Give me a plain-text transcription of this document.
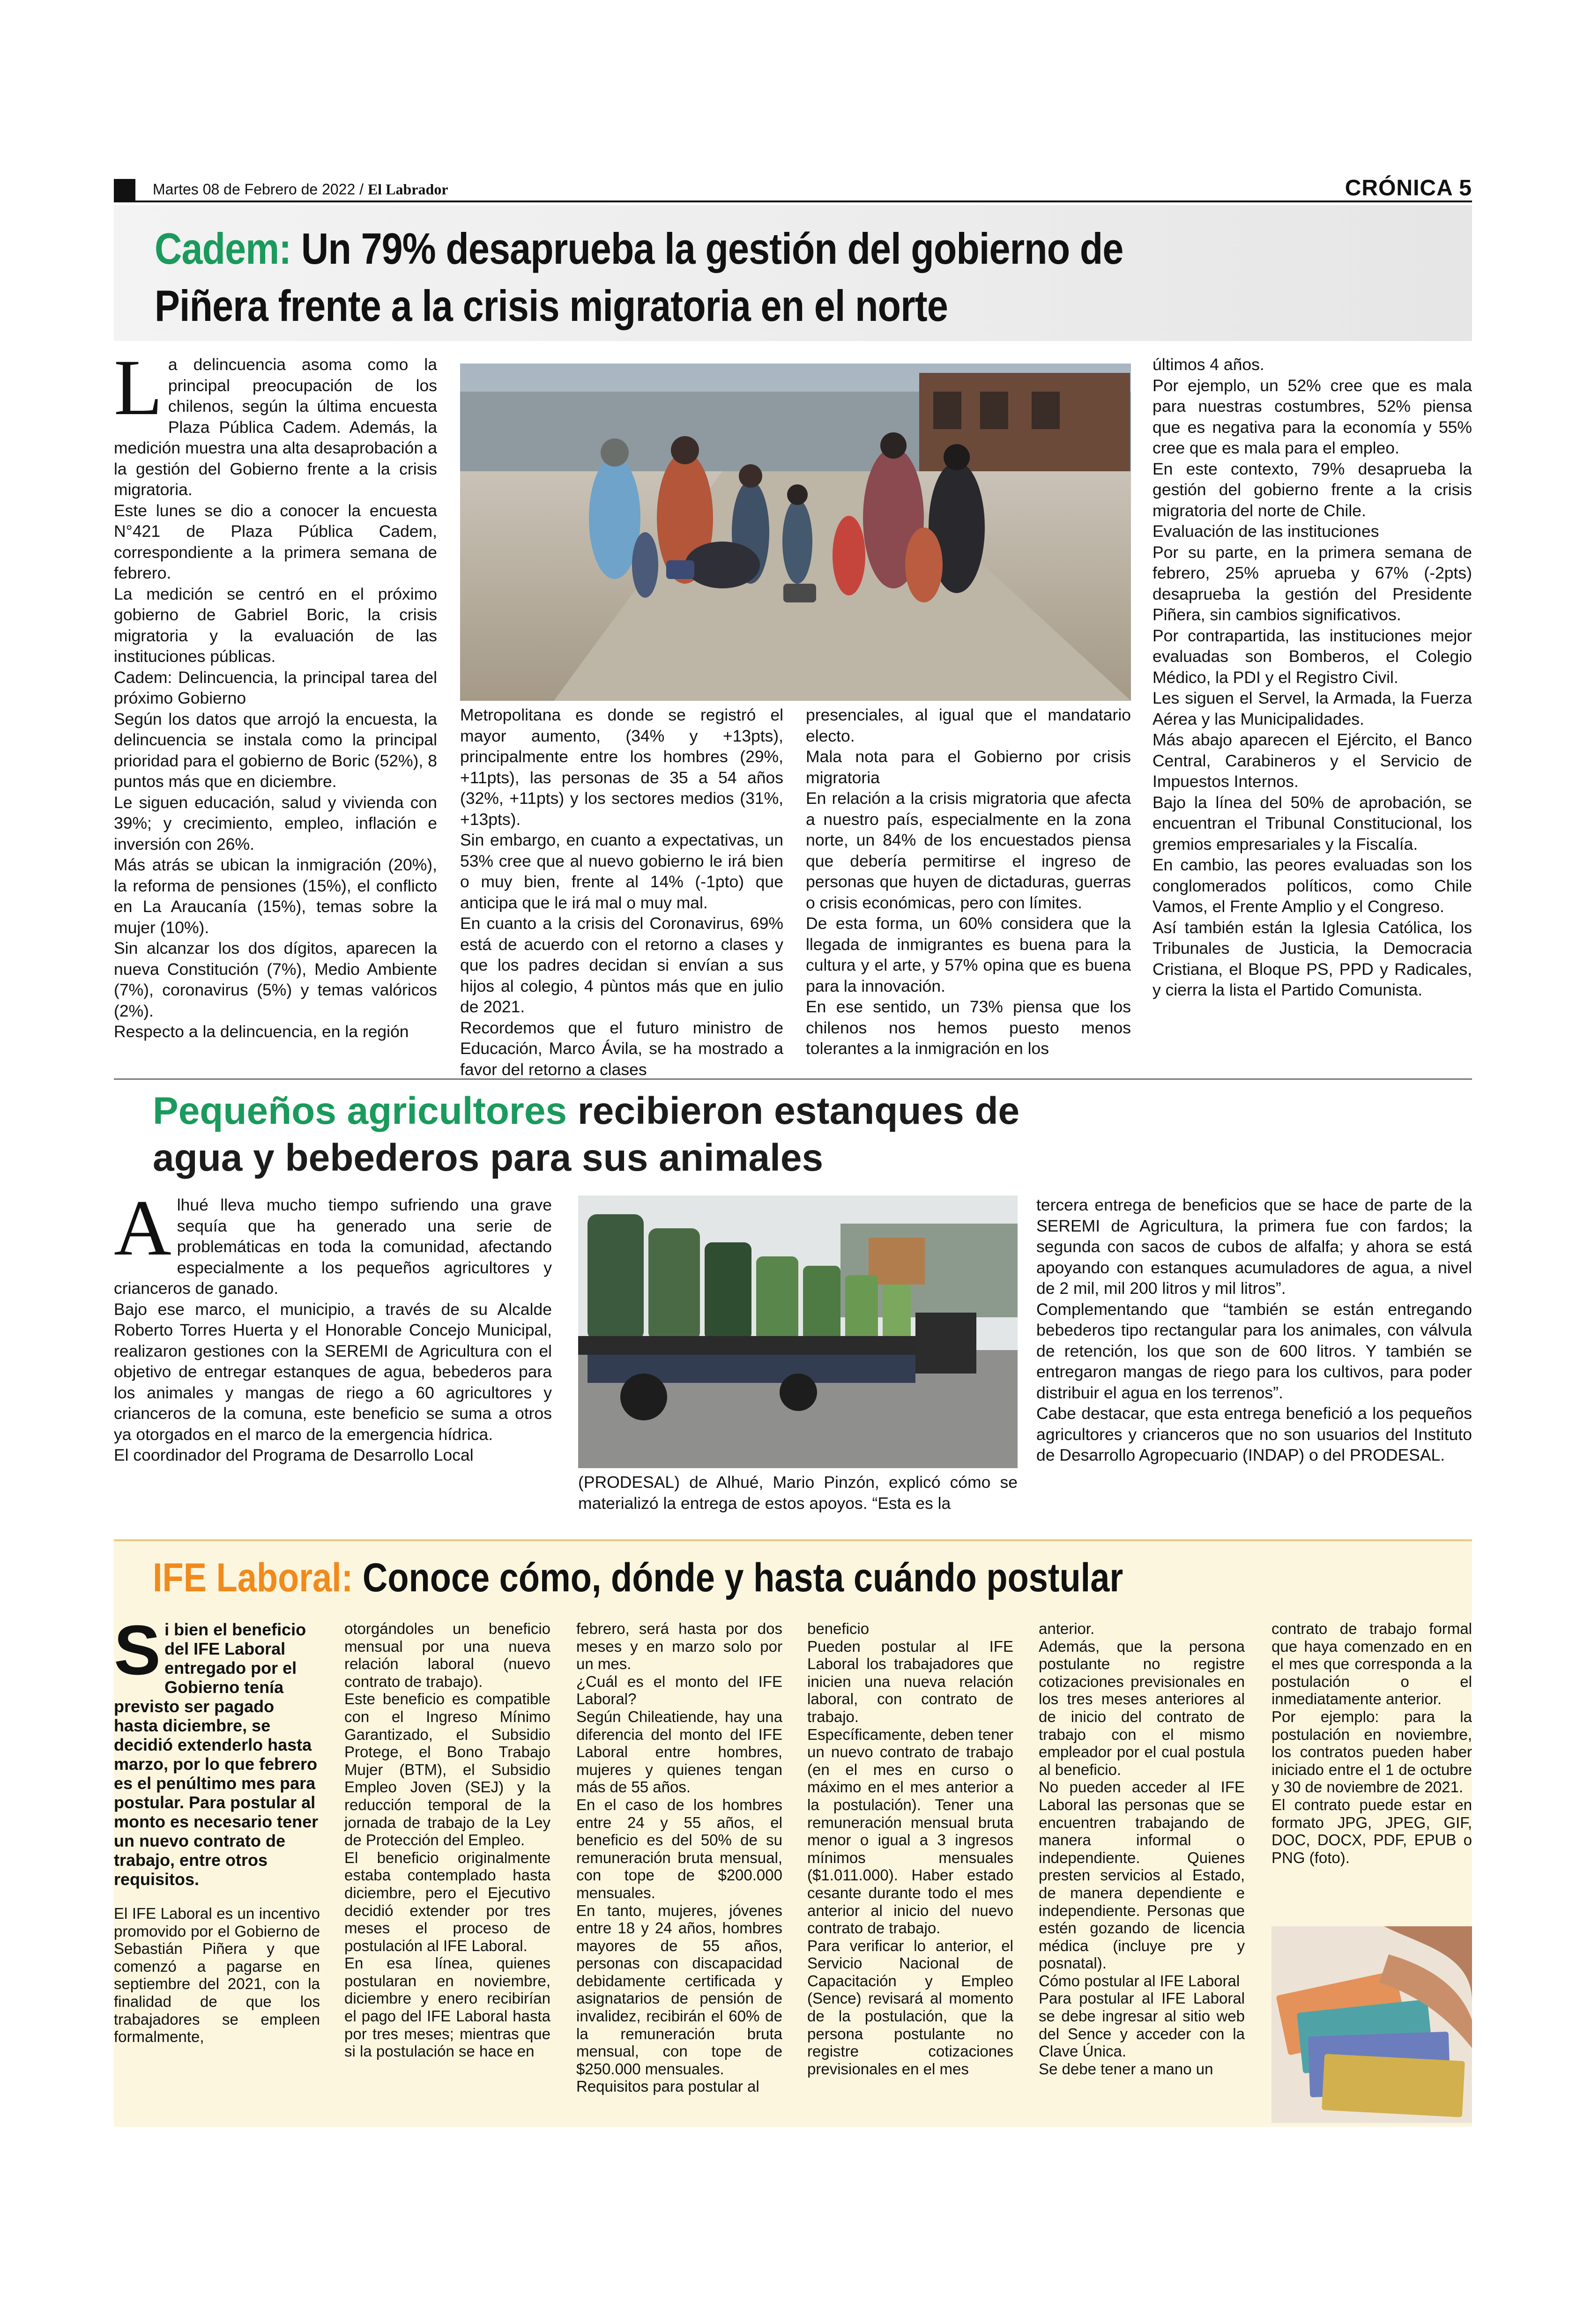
Martes 08 de Febrero de 2022 / El Labrador	CRÓNICA 5
Cadem: Un 79% desaprueba la gestión del gobierno de Piñera frente a la crisis migratoria en el norte
L a delincuencia asoma como la principal preocupación de los chilenos, según la última encuesta Plaza Pública Cadem. Además, la medición muestra una alta desaprobación a la gestión del Gobierno frente a la crisis migratoria.

Este lunes se dio a conocer la encuesta N°421 de Plaza Pública Cadem, correspondiente a la primera semana de febrero.

La medición se centró en el próximo gobierno de Gabriel Boric, la crisis migratoria y la evaluación de las instituciones públicas.

Cadem: Delincuencia, la principal tarea del próximo Gobierno

Según los datos que arrojó la encuesta, la delincuencia se instala como la principal prioridad para el gobierno de Boric (52%), 8 puntos más que en diciembre.

Le siguen educación, salud y vivienda con 39%; y crecimiento, empleo, inflación e inversión con 26%.

Más atrás se ubican la inmigración (20%), la reforma de pensiones (15%), el conflicto en La Araucanía (15%), temas sobre la mujer (10%).

Sin alcanzar los dos dígitos, aparecen la nueva Constitución (7%), Medio Ambiente (7%), coronavirus (5%) y temas valóricos (2%).

Respecto a la delincuencia, en la región

Metropolitana es donde se registró el mayor aumento, (34% y +13pts), principalmente entre los hombres (29%, +11pts), las personas de 35 a 54 años (32%, +11pts) y los sectores medios (31%, +13pts).

Sin embargo, en cuanto a expectativas, un 53% cree que al nuevo gobierno le irá bien o muy bien, frente al 14% (-1pto) que anticipa que le irá mal o muy mal.

En cuanto a la crisis del Coronavirus, 69% está de acuerdo con el retorno a clases y que los padres decidan si envían a sus hijos al colegio, 4 pùntos más que en julio de 2021.

Recordemos que el futuro ministro de Educación, Marco Ávila, se ha mostrado a favor del retorno a clases

presenciales, al igual que el mandatario electo.

Mala nota para el Gobierno por crisis migratoria

En relación a la crisis migratoria que afecta a nuestro país, especialmente en la zona norte, un 84% de los encuestados piensa que debería permitirse el ingreso de personas que huyen de dictaduras, guerras o crisis económicas, pero con límites.

De esta forma, un 60% considera que la llegada de inmigrantes es buena para la cultura y el arte, y 57% opina que es buena para la innovación.

En ese sentido, un 73% piensa que los chilenos nos hemos puesto menos tolerantes a la inmigración en los

últimos 4 años.

Por ejemplo, un 52% cree que es mala para nuestras costumbres, 52% piensa que es negativa para la economía y 55% cree que es mala para el empleo.

En este contexto, 79% desaprueba la gestión del gobierno frente a la crisis migratoria del norte de Chile.

Evaluación de las instituciones

Por su parte, en la primera semana de febrero, 25% aprueba y 67% (-2pts) desaprueba la gestión del Presidente Piñera, sin cambios significativos.

Por contrapartida, las instituciones mejor evaluadas son Bomberos, el Colegio Médico, la PDI y el Registro Civil.

Les siguen el Servel, la Armada, la Fuerza Aérea y las Municipalidades.

Más abajo aparecen el Ejército, el Banco Central, Carabineros y el Servicio de Impuestos Internos.

Bajo la línea del 50% de aprobación, se encuentran el Tribunal Constitucional, los gremios empresariales y la Fiscalía.

En cambio, las peores evaluadas son los conglomerados políticos, como Chile Vamos, el Frente Amplio y el Congreso.

Así también están la Iglesia Católica, los Tribunales de Justicia, la Democracia Cristiana, el Bloque PS, PPD y Radicales, y cierra la lista el Partido Comunista.

Pequeños agricultores recibieron estanques de
agua y bebederos para sus animales
A lhué lleva mucho tiempo sufriendo una grave sequía que ha generado una serie de problemáticas en toda la comunidad, afectando especialmente a los pequeños agricultores y crianceros de ganado.

Bajo ese marco, el municipio, a través de su Alcalde Roberto Torres Huerta y el Honorable Concejo Municipal, realizaron gestiones con la SEREMI de Agricultura con el objetivo de entregar estanques de agua, bebederos para los animales y mangas de riego a 60 agricultores y crianceros de la comuna, este beneficio se suma a otros ya otorgados en el marco de la emergencia hídrica.

El coordinador del Programa de Desarrollo Local

(PRODESAL) de Alhué, Mario Pinzón, explicó cómo se materializó la entrega de estos apoyos. “Esta es la

tercera entrega de beneficios que se hace de parte de la SEREMI de Agricultura, la primera fue con fardos; la segunda con sacos de cubos de alfalfa; y ahora se está apoyando con estanques acumuladores de agua, a nivel de 2 mil, mil 200 litros y mil litros”.

Complementando que “también se están entregando bebederos tipo rectangular para los animales, con válvula de retención, los que son de 600 litros. Y también se entregaron mangas de riego para los cultivos, para poder distribuir el agua en los terrenos”.

Cabe destacar, que esta entrega benefició a los pequeños agricultores y crianceros que no son usuarios del Instituto de Desarrollo Agropecuario (INDAP) o del PRODESAL.

IFE Laboral: Conoce cómo, dónde y hasta cuándo postular
S i bien el beneficio del IFE Laboral entregado por el Gobierno tenía previsto ser pagado hasta diciembre, se decidió extenderlo hasta marzo, por lo que febrero es el penúltimo mes para postular. Para postular al monto es necesario tener un nuevo contrato de trabajo, entre otros requisitos.

El IFE Laboral es un incentivo promovido por el Gobierno de Sebastián Piñera y que comenzó a pagarse en septiembre del 2021, con la finalidad de que los trabajadores se empleen formalmente,

otorgándoles un beneficio mensual por una nueva relación laboral (nuevo contrato de trabajo).

Este beneficio es compatible con el Ingreso Mínimo Garantizado, el Subsidio Protege, el Bono Trabajo Mujer (BTM), el Subsidio Empleo Joven (SEJ) y la reducción temporal de la jornada de trabajo de la Ley de Protección del Empleo.

El beneficio originalmente estaba contemplado hasta diciembre, pero el Ejecutivo decidió extender por tres meses el proceso de postulación al IFE Laboral.

En esa línea, quienes postularan en noviembre, diciembre y enero recibirían el pago del IFE Laboral hasta por tres meses; mientras que si la postulación se hace en

febrero, será hasta por dos meses y en marzo solo por un mes.

¿Cuál es el monto del IFE Laboral?

Según Chileatiende, hay una diferencia del monto del IFE Laboral entre hombres, mujeres y quienes tengan más de 55 años.

En el caso de los hombres entre 24 y 55 años, el beneficio es del 50% de su remuneración bruta mensual, con tope de $200.000 mensuales.

En tanto, mujeres, jóvenes entre 18 y 24 años, hombres mayores de 55 años, personas con discapacidad debidamente certificada y asignatarios de pensión de invalidez, recibirán el 60% de la remuneración bruta mensual, con tope de $250.000 mensuales.

Requisitos para postular al

beneficio

Pueden postular al IFE Laboral los trabajadores que inicien una nueva relación laboral, con contrato de trabajo.

Específicamente, deben tener un nuevo contrato de trabajo (en el mes en curso o máximo en el mes anterior a la postulación). Tener una remuneración mensual bruta menor o igual a 3 ingresos mínimos mensuales ($1.011.000). Haber estado cesante durante todo el mes anterior al inicio del nuevo contrato de trabajo.

Para verificar lo anterior, el Servicio Nacional de Capacitación y Empleo (Sence) revisará al momento de la postulación, que la persona postulante no registre cotizaciones previsionales en el mes

anterior.

Además, que la persona postulante no registre cotizaciones previsionales en los tres meses anteriores al de inicio del contrato de trabajo con el mismo empleador por el cual postula al beneficio.

No pueden acceder al IFE Laboral las personas que se encuentren trabajando de manera informal o independiente. Quienes presten servicios al Estado, de manera dependiente e independiente. Personas que estén gozando de licencia médica (incluye pre y posnatal).

Cómo postular al IFE Laboral

Para postular al IFE Laboral se debe ingresar al sitio web del Sence y acceder con la Clave Única.

Se debe tener a mano un

contrato de trabajo formal que haya comenzado en en el mes que corresponda a la postulación o el inmediatamente anterior.

Por ejemplo: para la postulación en noviembre, los contratos pueden haber iniciado entre el 1 de octubre y 30 de noviembre de 2021.

El contrato puede estar en formato JPG, JPEG, GIF, DOC, DOCX, PDF, EPUB o PNG (foto).
